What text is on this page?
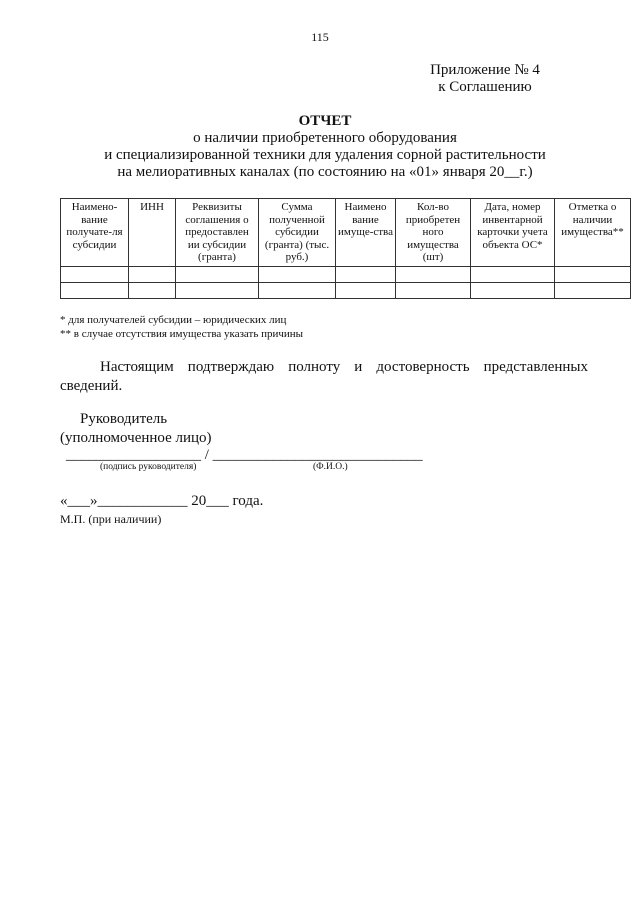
115
Приложение № 4
к Соглашению
ОТЧЕТ
о наличии приобретенного оборудования
и специализированной техники для удаления сорной растительности
на мелиоративных каналах (по состоянию на «01» января 20__г.)
Наимено-вание получате-ля субсидии	ИНН	Реквизиты соглашения о предоставлен ии субсидии (гранта)	Сумма полученной субсидии (гранта) (тыс. руб.)	Наимено вание имуще-ства	Кол-во приобретен ного имущества (шт)	Дата, номер инвентарной карточки учета объекта ОС*	Отметка о наличии имущества**

* для получателей субсидии – юридических лиц
** в случае отсутствия имущества указать причины
Настоящим подтверждаю полноту и достоверность представленных
сведений.
Руководитель
(уполномоченное лицо)
__________________ / ____________________________
(подпись руководителя)	(Ф.И.О.)
«___»____________ 20___ года.
М.П. (при наличии)
